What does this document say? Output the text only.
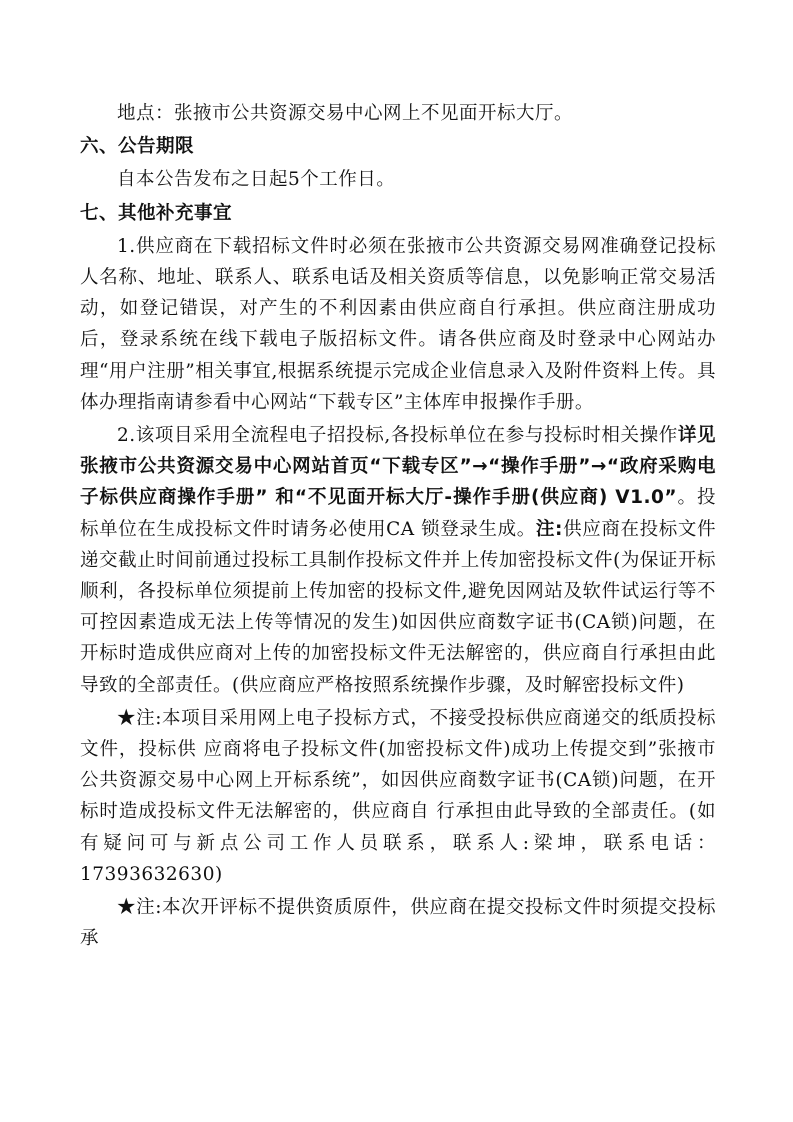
地点：张掖市公共资源交易中心网上不见面开标大厅。

六、公告期限

自本公告发布之日起5个工作日。

七、其他补充事宜

1.供应商在下载招标文件时必须在张掖市公共资源交易网准确登记投标人名称、地址、联系人、联系电话及相关资质等信息，以免影响正常交易活动，如登记错误，对产生的不利因素由供应商自行承担。供应商注册成功后，登录系统在线下载电子版招标文件。请各供应商及时登录中心网站办理“用户注册”相关事宜,根据系统提示完成企业信息录入及附件资料上传。具体办理指南请参看中心网站“下载专区”主体库申报操作手册。

2.该项目采用全流程电子招投标,各投标单位在参与投标时相关操作详见张掖市公共资源交易中心网站首页“下载专区”→“操作手册”→“政府采购电子标供应商操作手册” 和“不见面开标大厅-操作手册(供应商) V1.0”。投标单位在生成投标文件时请务必使用CA 锁登录生成。注:供应商在投标文件递交截止时间前通过投标工具制作投标文件并上传加密投标文件(为保证开标顺利，各投标单位须提前上传加密的投标文件,避免因网站及软件试运行等不可控因素造成无法上传等情况的发生)如因供应商数字证书(CA锁)问题，在开标时造成供应商对上传的加密投标文件无法解密的，供应商自行承担由此导致的全部责任。(供应商应严格按照系统操作步骤，及时解密投标文件)

★注:本项目采用网上电子投标方式，不接受投标供应商递交的纸质投标文件，投标供 应商将电子投标文件(加密投标文件)成功上传提交到”张掖市公共资源交易中心网上开标系统”，如因供应商数字证书(CA锁)问题，在开标时造成投标文件无法解密的，供应商自 行承担由此导致的全部责任。(如有疑问可与新点公司工作人员联系，联系人:梁坤，联系电话：17393632630)

★注:本次开评标不提供资质原件，供应商在提交投标文件时须提交投标承
